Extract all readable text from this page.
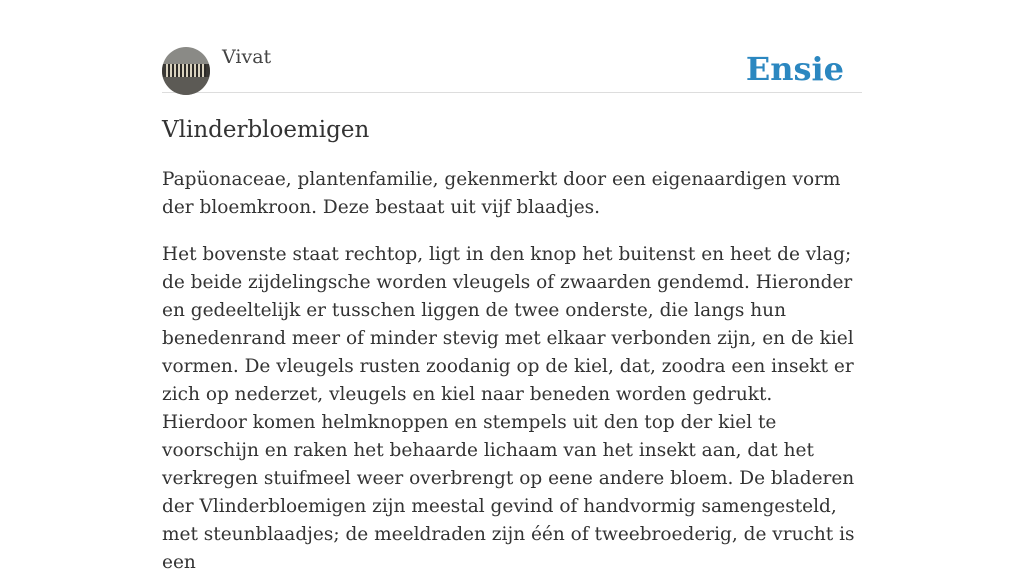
Vivat	Ensie
Vlinderbloemigen

Papüonaceae, plantenfamilie, gekenmerkt door een eigenaardigen vorm der bloemkroon. Deze bestaat uit vijf blaadjes.

Het bovenste staat rechtop, ligt in den knop het buitenst en heet de vlag; de beide zijdelingsche worden vleugels of zwaarden gendemd. Hieronder en gedeeltelijk er tusschen liggen de twee onderste, die langs hun benedenrand meer of minder stevig met elkaar verbonden zijn, en de kiel vormen. De vleugels rusten zoodanig op de kiel, dat, zoodra een insekt er zich op nederzet, vleugels en kiel naar beneden worden gedrukt. Hierdoor komen helmknoppen en stempels uit den top der kiel te voorschijn en raken het behaarde lichaam van het insekt aan, dat het verkregen stuifmeel weer overbrengt op eene andere bloem. De bladeren der Vlinderbloemigen zijn meestal gevind of handvormig samengesteld, met steunblaadjes; de meeldraden zijn één of tweebroederig, de vrucht is een
